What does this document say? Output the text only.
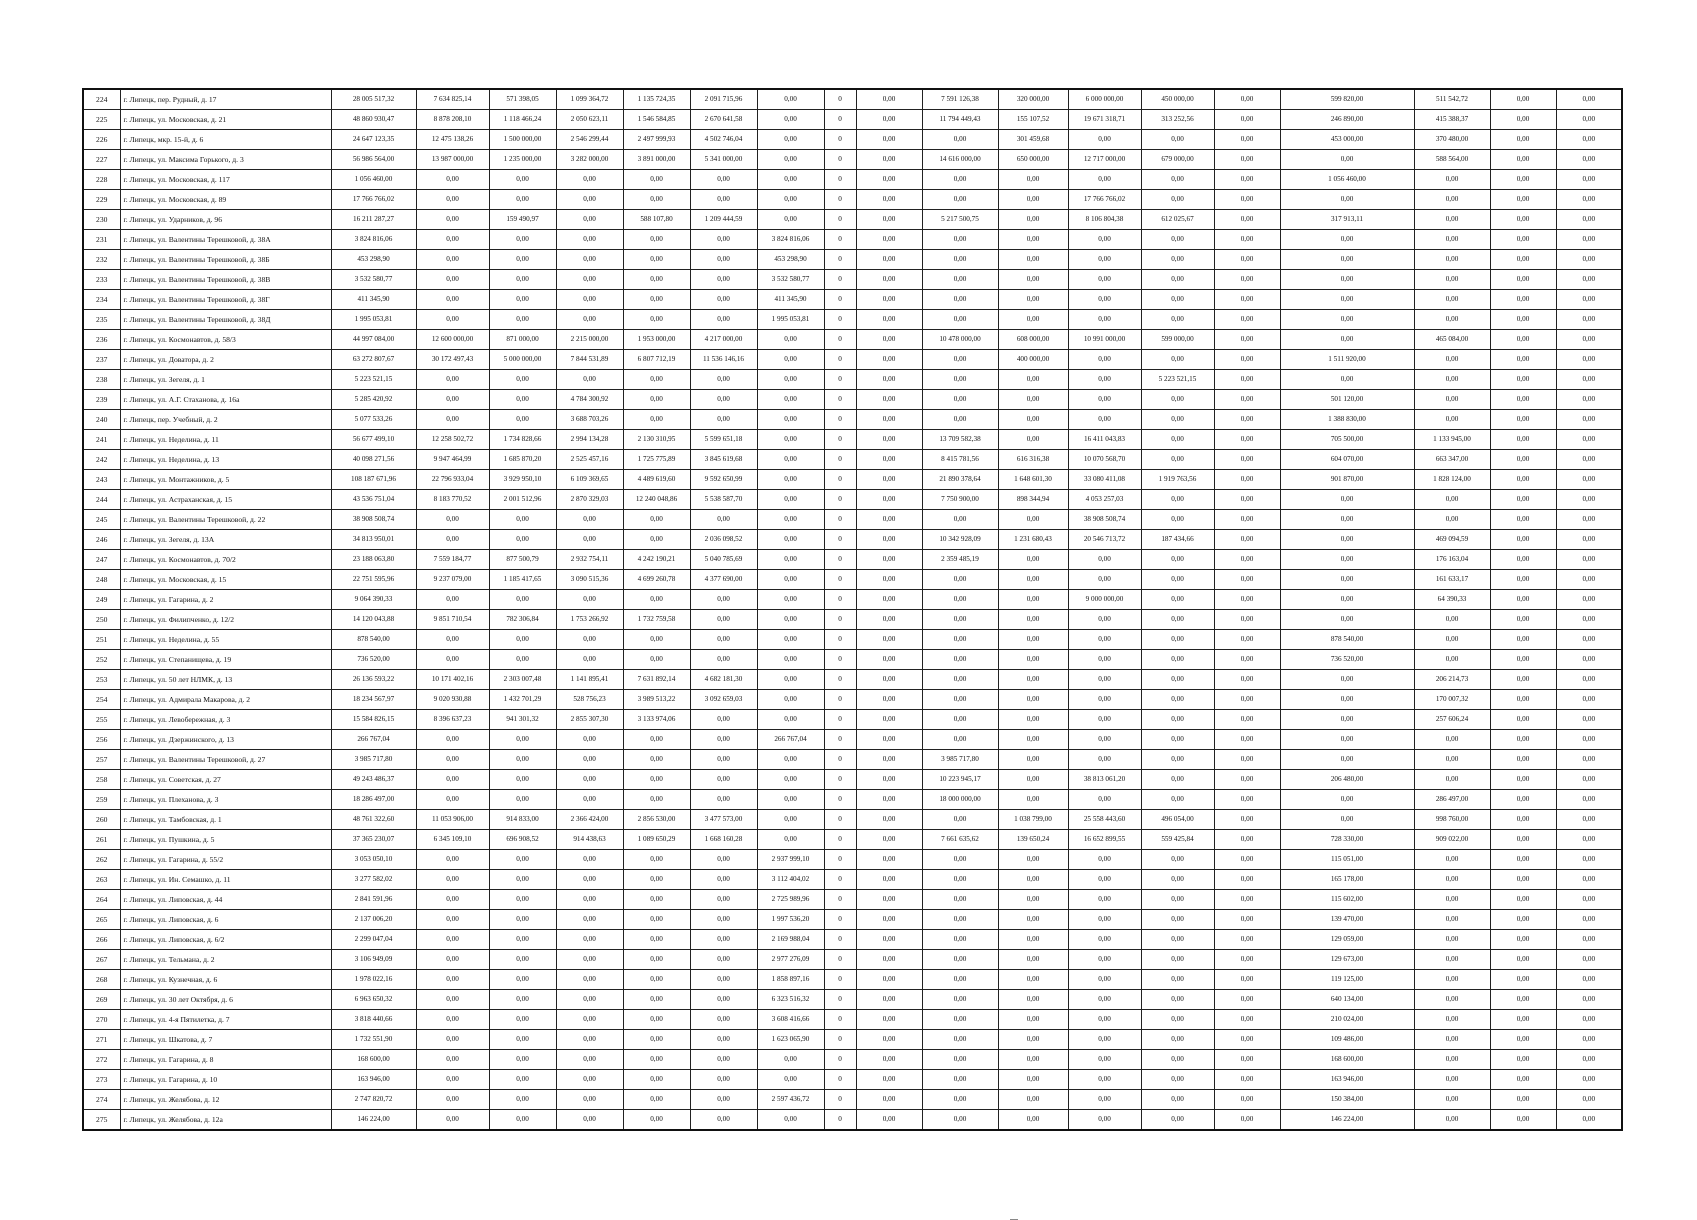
224	г. Липецк, пер. Рудный, д. 17	28 005 517,32	7 634 825,14	571 398,05	1 099 364,72	1 135 724,35	2 091 715,96	0,00	0	0,00	7 591 126,38	320 000,00	6 000 000,00	450 000,00	0,00	599 820,00	511 542,72	0,00	0,00
225	г. Липецк, ул. Московская, д. 21	48 860 930,47	8 878 208,10	1 118 466,24	2 050 623,11	1 546 584,85	2 670 641,58	0,00	0	0,00	11 794 449,43	155 107,52	19 671 318,71	313 252,56	0,00	246 890,00	415 388,37	0,00	0,00
226	г. Липецк, мкр. 15-й, д. 6	24 647 123,35	12 475 138,26	1 500 000,00	2 546 299,44	2 497 999,93	4 502 746,04	0,00	0	0,00	0,00	301 459,68	0,00	0,00	0,00	453 000,00	370 480,00	0,00	0,00
227	г. Липецк, ул. Максима Горького, д. 3	56 986 564,00	13 987 000,00	1 235 000,00	3 282 000,00	3 891 000,00	5 341 000,00	0,00	0	0,00	14 616 000,00	650 000,00	12 717 000,00	679 000,00	0,00	0,00	588 564,00	0,00	0,00
228	г. Липецк, ул. Московская, д. 117	1 056 460,00	0,00	0,00	0,00	0,00	0,00	0,00	0	0,00	0,00	0,00	0,00	0,00	0,00	1 056 460,00	0,00	0,00	0,00
229	г. Липецк, ул. Московская, д. 89	17 766 766,02	0,00	0,00	0,00	0,00	0,00	0,00	0	0,00	0,00	0,00	17 766 766,02	0,00	0,00	0,00	0,00	0,00	0,00
230	г. Липецк, ул. Ударников, д. 96	16 211 287,27	0,00	159 490,97	0,00	588 107,80	1 209 444,59	0,00	0	0,00	5 217 500,75	0,00	8 106 804,38	612 025,67	0,00	317 913,11	0,00	0,00	0,00
231	г. Липецк, ул. Валентины Терешковой, д. 38А	3 824 816,06	0,00	0,00	0,00	0,00	0,00	3 824 816,06	0	0,00	0,00	0,00	0,00	0,00	0,00	0,00	0,00	0,00	0,00
232	г. Липецк, ул. Валентины Терешковой, д. 38Б	453 298,90	0,00	0,00	0,00	0,00	0,00	453 298,90	0	0,00	0,00	0,00	0,00	0,00	0,00	0,00	0,00	0,00	0,00
233	г. Липецк, ул. Валентины Терешковой, д. 38В	3 532 580,77	0,00	0,00	0,00	0,00	0,00	3 532 580,77	0	0,00	0,00	0,00	0,00	0,00	0,00	0,00	0,00	0,00	0,00
234	г. Липецк, ул. Валентины Терешковой, д. 38Г	411 345,90	0,00	0,00	0,00	0,00	0,00	411 345,90	0	0,00	0,00	0,00	0,00	0,00	0,00	0,00	0,00	0,00	0,00
235	г. Липецк, ул. Валентины Терешковой, д. 38Д	1 995 053,81	0,00	0,00	0,00	0,00	0,00	1 995 053,81	0	0,00	0,00	0,00	0,00	0,00	0,00	0,00	0,00	0,00	0,00
236	г. Липецк, ул. Космонавтов, д. 58/3	44 997 084,00	12 600 000,00	871 000,00	2 215 000,00	1 953 000,00	4 217 000,00	0,00	0	0,00	10 478 000,00	608 000,00	10 991 000,00	599 000,00	0,00	0,00	465 084,00	0,00	0,00
237	г. Липецк, ул. Доватора, д. 2	63 272 807,67	30 172 497,43	5 000 000,00	7 844 531,89	6 807 712,19	11 536 146,16	0,00	0	0,00	0,00	400 000,00	0,00	0,00	0,00	1 511 920,00	0,00	0,00	0,00
238	г. Липецк, ул. Зегеля, д. 1	5 223 521,15	0,00	0,00	0,00	0,00	0,00	0,00	0	0,00	0,00	0,00	0,00	5 223 521,15	0,00	0,00	0,00	0,00	0,00
239	г. Липецк, ул. А.Г. Стаханова, д. 16а	5 285 420,92	0,00	0,00	4 784 300,92	0,00	0,00	0,00	0	0,00	0,00	0,00	0,00	0,00	0,00	501 120,00	0,00	0,00	0,00
240	г. Липецк, пер. Учебный, д. 2	5 077 533,26	0,00	0,00	3 688 703,26	0,00	0,00	0,00	0	0,00	0,00	0,00	0,00	0,00	0,00	1 388 830,00	0,00	0,00	0,00
241	г. Липецк, ул. Неделина, д. 11	56 677 499,10	12 258 502,72	1 734 828,66	2 994 134,28	2 130 310,95	5 599 651,18	0,00	0	0,00	13 709 582,38	0,00	16 411 043,83	0,00	0,00	705 500,00	1 133 945,00	0,00	0,00
242	г. Липецк, ул. Неделина, д. 13	40 098 271,56	9 947 464,99	1 685 870,20	2 525 457,16	1 725 775,89	3 845 619,68	0,00	0	0,00	8 415 781,56	616 316,38	10 070 568,70	0,00	0,00	604 070,00	663 347,00	0,00	0,00
243	г. Липецк, ул. Монтажников, д. 5	108 187 671,96	22 796 933,04	3 929 950,10	6 109 369,65	4 489 619,60	9 592 650,99	0,00	0	0,00	21 890 378,64	1 648 601,30	33 080 411,08	1 919 763,56	0,00	901 870,00	1 828 124,00	0,00	0,00
244	г. Липецк, ул. Астраханская, д. 15	43 536 751,04	8 183 770,52	2 001 512,96	2 870 329,03	12 240 048,86	5 538 587,70	0,00	0	0,00	7 750 900,00	898 344,94	4 053 257,03	0,00	0,00	0,00	0,00	0,00	0,00
245	г. Липецк, ул. Валентины Терешковой, д. 22	38 908 508,74	0,00	0,00	0,00	0,00	0,00	0,00	0	0,00	0,00	0,00	38 908 508,74	0,00	0,00	0,00	0,00	0,00	0,00
246	г. Липецк, ул. Зегеля, д. 13А	34 813 950,01	0,00	0,00	0,00	0,00	2 036 098,52	0,00	0	0,00	10 342 928,09	1 231 680,43	20 546 713,72	187 434,66	0,00	0,00	469 094,59	0,00	0,00
247	г. Липецк, ул. Космонавтов, д. 70/2	23 188 063,80	7 559 184,77	877 500,79	2 932 754,11	4 242 190,21	5 040 785,69	0,00	0	0,00	2 359 485,19	0,00	0,00	0,00	0,00	0,00	176 163,04	0,00	0,00
248	г. Липецк, ул. Московская, д. 15	22 751 595,96	9 237 079,00	1 185 417,65	3 090 515,36	4 699 260,78	4 377 690,00	0,00	0	0,00	0,00	0,00	0,00	0,00	0,00	0,00	161 633,17	0,00	0,00
249	г. Липецк, ул. Гагарина, д. 2	9 064 390,33	0,00	0,00	0,00	0,00	0,00	0,00	0	0,00	0,00	0,00	9 000 000,00	0,00	0,00	0,00	64 390,33	0,00	0,00
250	г. Липецк, ул. Филипченко, д. 12/2	14 120 043,88	9 851 710,54	782 306,84	1 753 266,92	1 732 759,58	0,00	0,00	0	0,00	0,00	0,00	0,00	0,00	0,00	0,00	0,00	0,00	0,00
251	г. Липецк, ул. Неделина, д. 55	878 540,00	0,00	0,00	0,00	0,00	0,00	0,00	0	0,00	0,00	0,00	0,00	0,00	0,00	878 540,00	0,00	0,00	0,00
252	г. Липецк, ул. Степанищева, д. 19	736 520,00	0,00	0,00	0,00	0,00	0,00	0,00	0	0,00	0,00	0,00	0,00	0,00	0,00	736 520,00	0,00	0,00	0,00
253	г. Липецк, ул. 50 лет НЛМК, д. 13	26 136 593,22	10 171 402,16	2 303 007,48	1 141 895,41	7 631 892,14	4 682 181,30	0,00	0	0,00	0,00	0,00	0,00	0,00	0,00	0,00	206 214,73	0,00	0,00
254	г. Липецк, ул. Адмирала Макарова, д. 2	18 234 567,97	9 020 930,88	1 432 701,29	528 756,23	3 989 513,22	3 092 659,03	0,00	0	0,00	0,00	0,00	0,00	0,00	0,00	0,00	170 007,32	0,00	0,00
255	г. Липецк, ул. Левобережная, д. 3	15 584 826,15	8 396 637,23	941 301,32	2 855 307,30	3 133 974,06	0,00	0,00	0	0,00	0,00	0,00	0,00	0,00	0,00	0,00	257 606,24	0,00	0,00
256	г. Липецк, ул. Дзержинского, д. 13	266 767,04	0,00	0,00	0,00	0,00	0,00	266 767,04	0	0,00	0,00	0,00	0,00	0,00	0,00	0,00	0,00	0,00	0,00
257	г. Липецк, ул. Валентины Терешковой, д. 27	3 985 717,80	0,00	0,00	0,00	0,00	0,00	0,00	0	0,00	3 985 717,80	0,00	0,00	0,00	0,00	0,00	0,00	0,00	0,00
258	г. Липецк, ул. Советская, д. 27	49 243 486,37	0,00	0,00	0,00	0,00	0,00	0,00	0	0,00	10 223 945,17	0,00	38 813 061,20	0,00	0,00	206 480,00	0,00	0,00	0,00
259	г. Липецк, ул. Плеханова, д. 3	18 286 497,00	0,00	0,00	0,00	0,00	0,00	0,00	0	0,00	18 000 000,00	0,00	0,00	0,00	0,00	0,00	286 497,00	0,00	0,00
260	г. Липецк, ул. Тамбовская, д. 1	48 761 322,60	11 053 906,00	914 833,00	2 366 424,00	2 856 530,00	3 477 573,00	0,00	0	0,00	0,00	1 038 799,00	25 558 443,60	496 054,00	0,00	0,00	998 760,00	0,00	0,00
261	г. Липецк, ул. Пушкина, д. 5	37 365 230,07	6 345 109,10	696 908,52	914 438,63	1 089 650,29	1 668 160,28	0,00	0	0,00	7 661 635,62	139 650,24	16 652 899,55	559 425,84	0,00	728 330,00	909 022,00	0,00	0,00
262	г. Липецк, ул. Гагарина, д. 55/2	3 053 050,10	0,00	0,00	0,00	0,00	0,00	2 937 999,10	0	0,00	0,00	0,00	0,00	0,00	0,00	115 051,00	0,00	0,00	0,00
263	г. Липецк, ул. Ин. Семашко, д. 11	3 277 582,02	0,00	0,00	0,00	0,00	0,00	3 112 404,02	0	0,00	0,00	0,00	0,00	0,00	0,00	165 178,00	0,00	0,00	0,00
264	г. Липецк, ул. Липовская, д. 44	2 841 591,96	0,00	0,00	0,00	0,00	0,00	2 725 989,96	0	0,00	0,00	0,00	0,00	0,00	0,00	115 602,00	0,00	0,00	0,00
265	г. Липецк, ул. Липовская, д. 6	2 137 006,20	0,00	0,00	0,00	0,00	0,00	1 997 536,20	0	0,00	0,00	0,00	0,00	0,00	0,00	139 470,00	0,00	0,00	0,00
266	г. Липецк, ул. Липовская, д. 6/2	2 299 047,04	0,00	0,00	0,00	0,00	0,00	2 169 988,04	0	0,00	0,00	0,00	0,00	0,00	0,00	129 059,00	0,00	0,00	0,00
267	г. Липецк, ул. Тельмана, д. 2	3 106 949,09	0,00	0,00	0,00	0,00	0,00	2 977 276,09	0	0,00	0,00	0,00	0,00	0,00	0,00	129 673,00	0,00	0,00	0,00
268	г. Липецк, ул. Кузнечная, д. 6	1 978 022,16	0,00	0,00	0,00	0,00	0,00	1 858 897,16	0	0,00	0,00	0,00	0,00	0,00	0,00	119 125,00	0,00	0,00	0,00
269	г. Липецк, ул. 30 лет Октября, д. 6	6 963 650,32	0,00	0,00	0,00	0,00	0,00	6 323 516,32	0	0,00	0,00	0,00	0,00	0,00	0,00	640 134,00	0,00	0,00	0,00
270	г. Липецк, ул. 4-я Пятилетка, д. 7	3 818 440,66	0,00	0,00	0,00	0,00	0,00	3 608 416,66	0	0,00	0,00	0,00	0,00	0,00	0,00	210 024,00	0,00	0,00	0,00
271	г. Липецк, ул. Шкатова, д. 7	1 732 551,90	0,00	0,00	0,00	0,00	0,00	1 623 065,90	0	0,00	0,00	0,00	0,00	0,00	0,00	109 486,00	0,00	0,00	0,00
272	г. Липецк, ул. Гагарина, д. 8	168 600,00	0,00	0,00	0,00	0,00	0,00	0,00	0	0,00	0,00	0,00	0,00	0,00	0,00	168 600,00	0,00	0,00	0,00
273	г. Липецк, ул. Гагарина, д. 10	163 946,00	0,00	0,00	0,00	0,00	0,00	0,00	0	0,00	0,00	0,00	0,00	0,00	0,00	163 946,00	0,00	0,00	0,00
274	г. Липецк, ул. Желябова, д. 12	2 747 820,72	0,00	0,00	0,00	0,00	0,00	2 597 436,72	0	0,00	0,00	0,00	0,00	0,00	0,00	150 384,00	0,00	0,00	0,00
275	г. Липецк, ул. Желябова, д. 12а	146 224,00	0,00	0,00	0,00	0,00	0,00	0,00	0	0,00	0,00	0,00	0,00	0,00	0,00	146 224,00	0,00	0,00	0,00
